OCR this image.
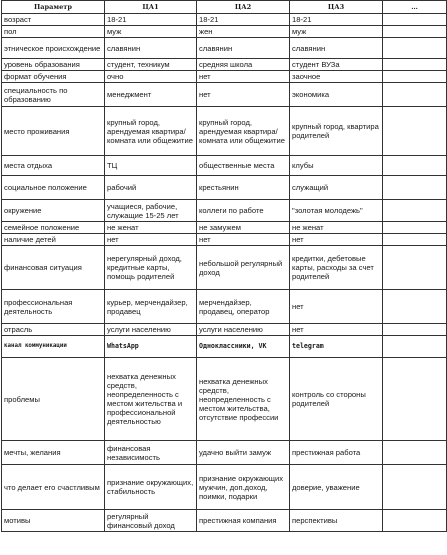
Параметр	ЦА1	ЦА2	ЦА3	…
возраст	18-21	18-21	18-21	
пол	муж	жен	муж	
этническое происхождение	славянин	славянин	славянин	
уровень образования	студент, техникум	средняя школа	студент ВУЗа	
формат обучения	очно	нет	заочное	
специальность по образованию	менеджмент	нет	экономика	
место проживания	крупный город, арендуемая квартира/комната или общежитие	крупный город, арендуемая квартира/комната или общежитие	крупный город, квартира родителей	
места отдыха	ТЦ	общественные места	клубы	
социальное положение	рабочий	крестьянин	служащий	
окружение	учащиеся, рабочие, служащие 15-25 лет	коллеги по работе	"золотая молодежь"	
семейное положение	не женат	не замужем	не женат	
наличие детей	нет	нет	нет	
финансовая ситуация	нерегулярный доход, кредитные карты, помощь родителей	небольшой регулярный доход	кредитки, дебетовые карты, расходы за счет родителей	
профессиональная деятельность	курьер, мерчендайзер, продавец	мерчендайзер, продавец, оператор	нет	
отрасль	услуги населению	услуги населению	нет	
канал коммуникации	WhatsApp	Одноклассники, VK	telegram	
проблемы	нехватка денежных средств, неопределенность с местом жительства и профессиональной деятельностью	нехватка денежных средств, неопределенность с местом жительства, отсутствие профессии	контроль со стороны родителей	
мечты, желания	финансовая независимость	удачно выйти замуж	престижная работа	
что делает его счастливым	признание окружающих, стабильность	признание окружающих мужчин, доп.доход, поимки, подарки	доверие, уважение	
мотивы	регулярный финансовый доход	престижная компания	перспективы	
